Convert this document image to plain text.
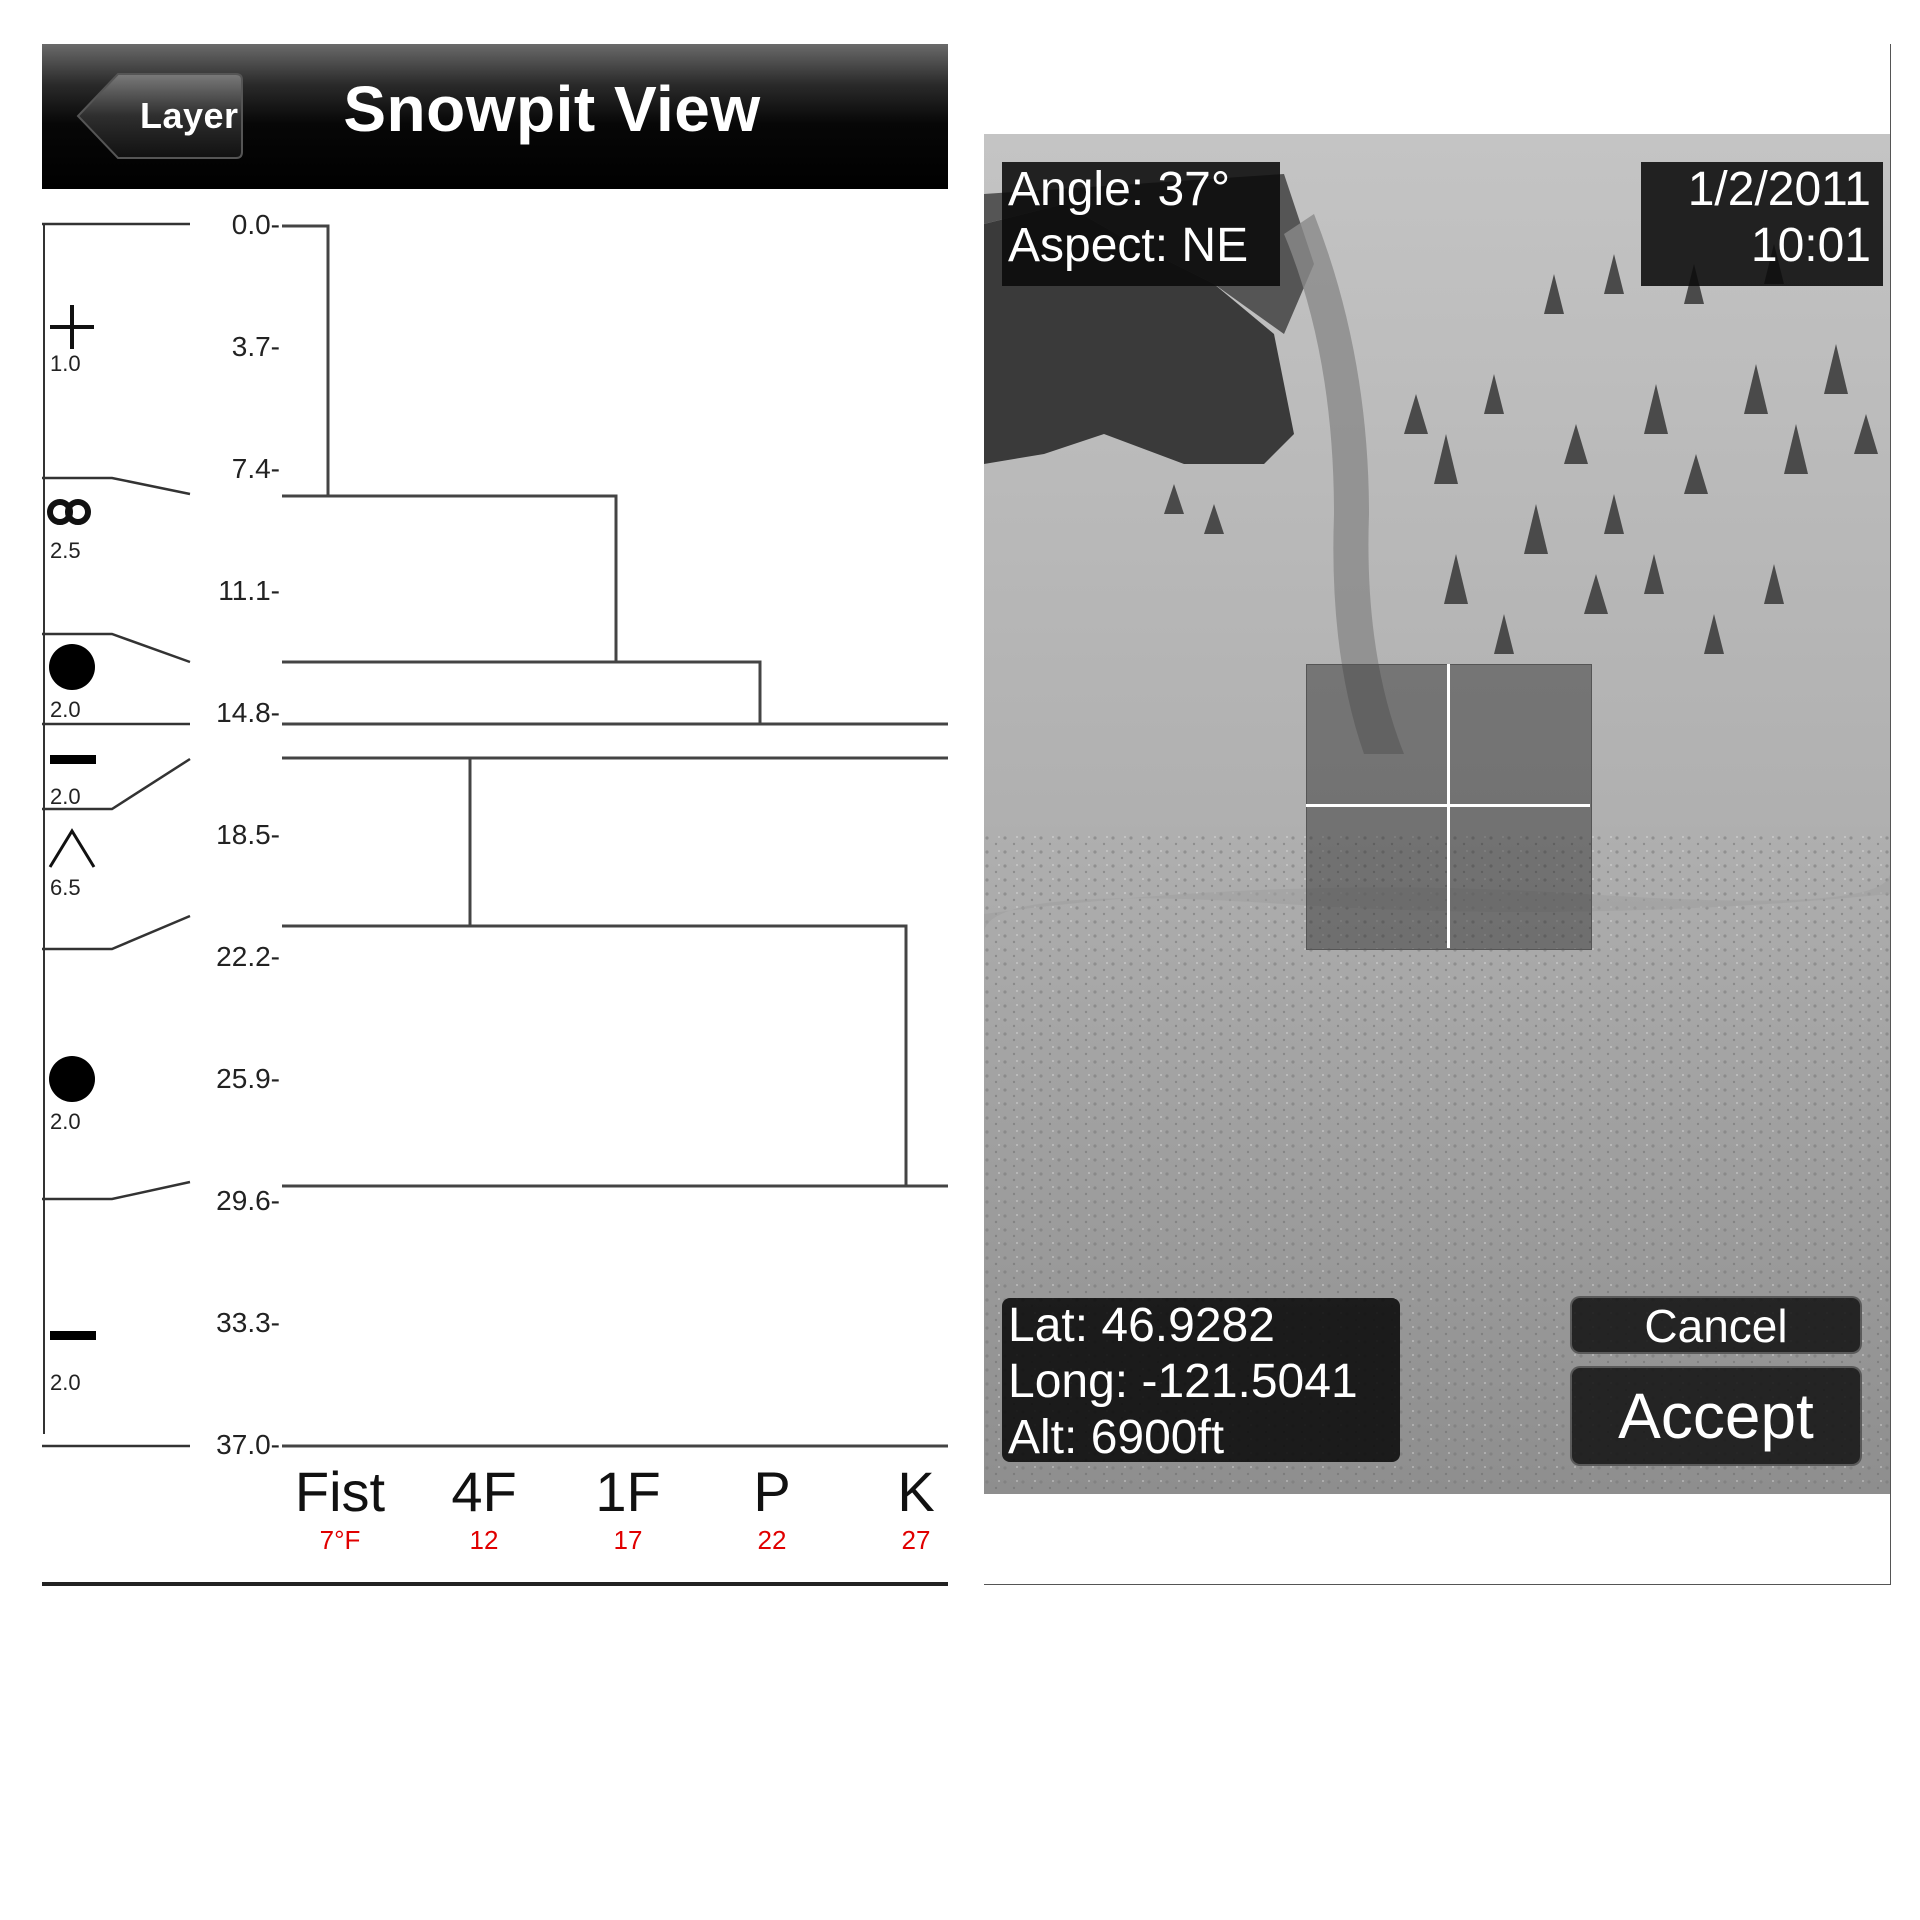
Layer	Snowpit View
0.0-
3.7-
7.4-
11.1-
14.8-
18.5-
22.2-
25.9-
29.6-
33.3-
37.0-
1.0
2.5
2.0
2.0
6.5
2.0
2.0
Fist
7°F
4F
12
1F
17
P
22
K
27
Angle: 37°
Aspect: NE
1/2/2011
10:01
Lat: 46.9282
Long: -121.5041
Alt: 6900ft
Cancel
Accept
